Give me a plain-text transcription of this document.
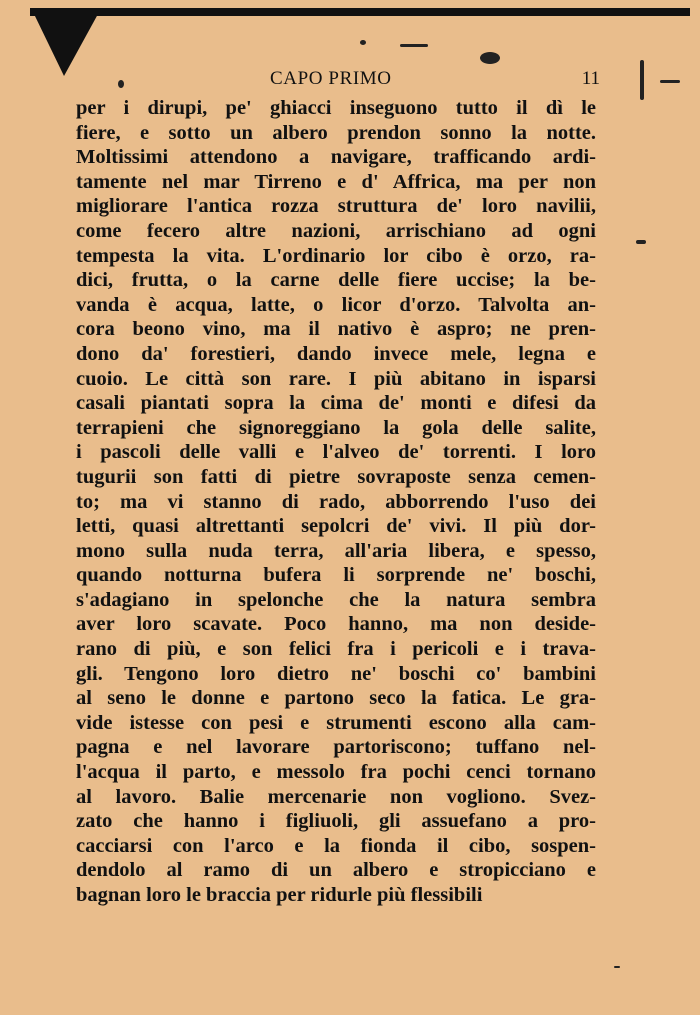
CAPO PRIMO	11
per i dirupi, pe' ghiacci inseguono tutto il dì le
fiere, e sotto un albero prendon sonno la notte.
Moltissimi attendono a navigare, trafficando ardi-
tamente nel mar Tirreno e d' Affrica, ma per non
migliorare l'antica rozza struttura de' loro navilii,
come fecero altre nazioni, arrischiano ad ogni
tempesta la vita. L'ordinario lor cibo è orzo, ra-
dici, frutta, o la carne delle fiere uccise; la be-
vanda è acqua, latte, o licor d'orzo. Talvolta an-
cora beono vino, ma il nativo è aspro; ne pren-
dono da' forestieri, dando invece mele, legna e
cuoio. Le città son rare. I più abitano in isparsi
casali piantati sopra la cima de' monti e difesi da
terrapieni che signoreggiano la gola delle salite,
i pascoli delle valli e l'alveo de' torrenti. I loro
tugurii son fatti di pietre sovraposte senza cemen-
to; ma vi stanno di rado, abborrendo l'uso dei
letti, quasi altrettanti sepolcri de' vivi. Il più dor-
mono sulla nuda terra, all'aria libera, e spesso,
quando notturna bufera li sorprende ne' boschi,
s'adagiano in spelonche che la natura sembra
aver loro scavate. Poco hanno, ma non deside-
rano di più, e son felici fra i pericoli e i trava-
gli. Tengono loro dietro ne' boschi co' bambini
al seno le donne e partono seco la fatica. Le gra-
vide istesse con pesi e strumenti escono alla cam-
pagna e nel lavorare partoriscono; tuffano nel-
l'acqua il parto, e messolo fra pochi cenci tornano
al lavoro. Balie mercenarie non vogliono. Svez-
zato che hanno i figliuoli, gli assuefano a pro-
cacciarsi con l'arco e la fionda il cibo, sospen-
dendolo al ramo di un albero e stropicciano e
bagnan loro le braccia per ridurle più flessibili
